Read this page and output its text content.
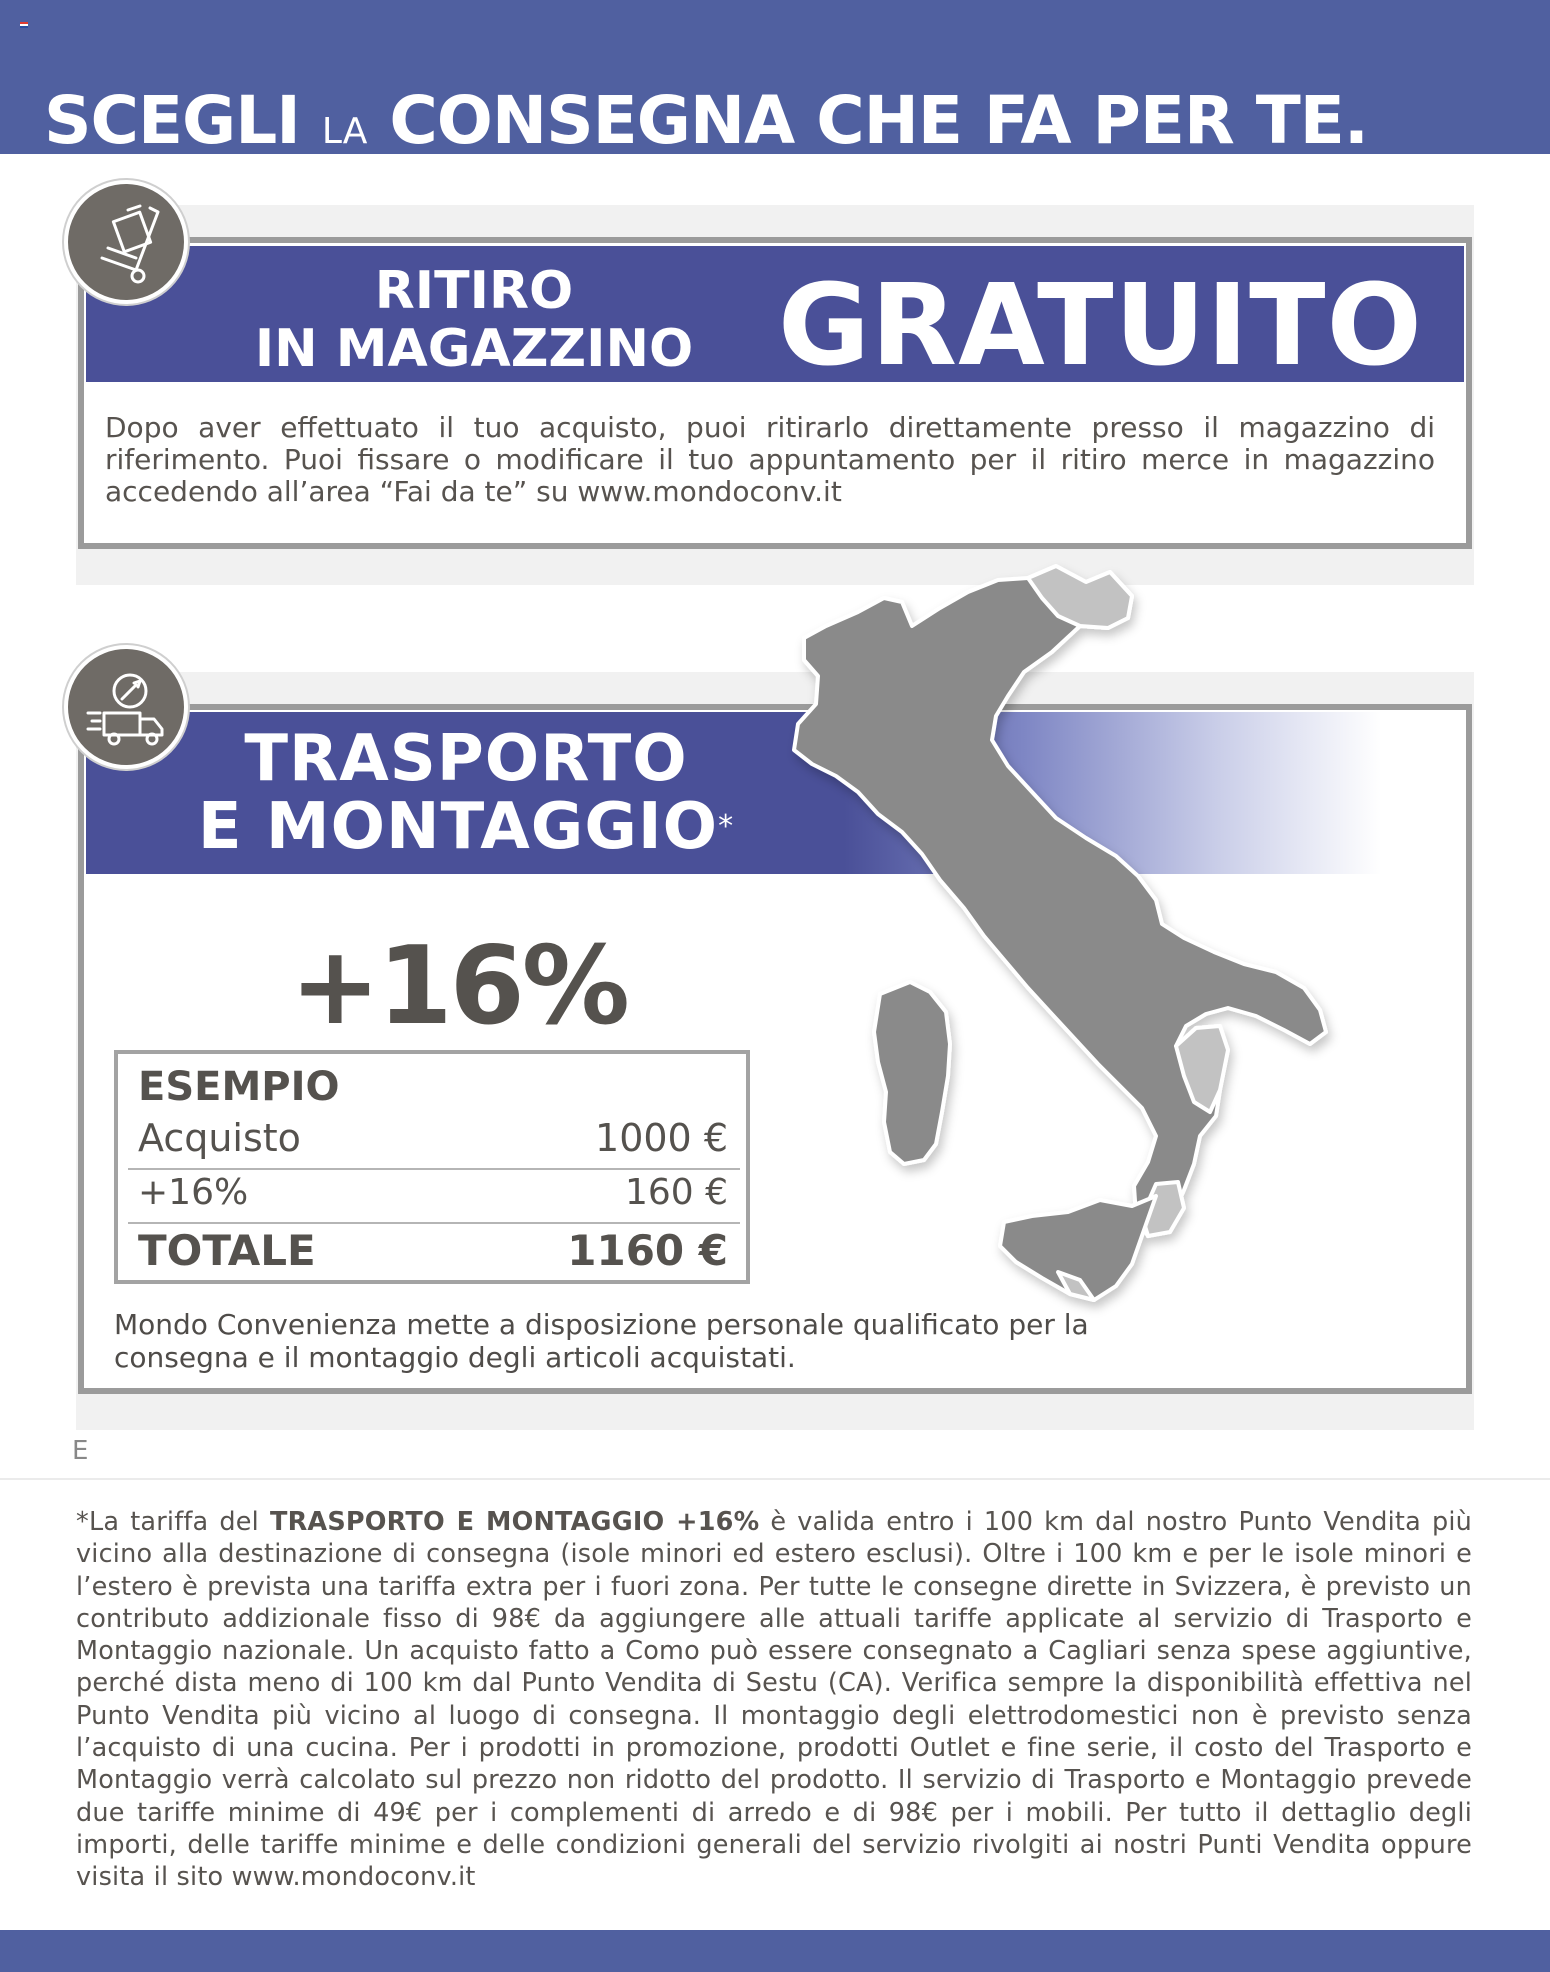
SCEGLI LA CONSEGNA CHE FA PER TE.
RITIRO
IN MAGAZZINO GRATUITO

Dopo aver effettuato il tuo acquisto, puoi ritirarlo direttamente presso il magazzino di riferimento. Puoi fissare o modificare il tuo appuntamento per il ritiro merce in magazzino accedendo all’area “Fai da te” su www.mondoconv.it

TRASPORTO
E MONTAGGIO*
+16%
ESEMPIO
Acquisto	1000 €
+16%	160 €
TOTALE	1160 €

Mondo Convenienza mette a disposizione personale qualificato per la consegna e il montaggio degli articoli acquistati.

E

*La tariffa del TRASPORTO E MONTAGGIO +16% è valida entro i 100 km dal nostro Punto Vendita più vicino alla destinazione di consegna (isole minori ed estero esclusi). Oltre i 100 km e per le isole minori e l’estero è prevista una tariffa extra per i fuori zona. Per tutte le consegne dirette in Svizzera, è previsto un contributo addizionale fisso di 98€ da aggiungere alle attuali tariffe applicate al servizio di Trasporto e Montaggio nazionale. Un acquisto fatto a Como può essere consegnato a Cagliari senza spese aggiuntive, perché dista meno di 100 km dal Punto Vendita di Sestu (CA). Verifica sempre la disponibilità effettiva nel Punto Vendita più vicino al luogo di consegna. Il montaggio degli elettrodomestici non è previsto senza l’acquisto di una cucina. Per i prodotti in promozione, prodotti Outlet e fine serie, il costo del Trasporto e Montaggio verrà calcolato sul prezzo non ridotto del prodotto. Il servizio di Trasporto e Montaggio prevede due tariffe minime di 49€ per i complementi di arredo e di 98€ per i mobili. Per tutto il dettaglio degli importi, delle tariffe minime e delle condizioni generali del servizio rivolgiti ai nostri Punti Vendita oppure visita il sito www.mondoconv.it
